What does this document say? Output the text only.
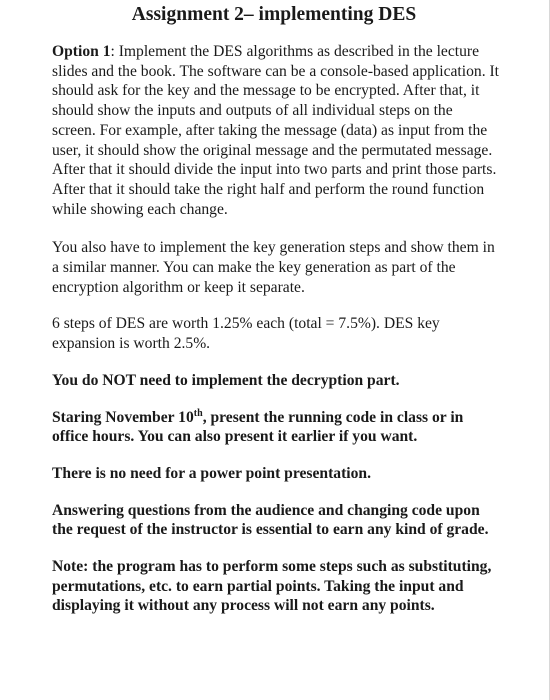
Assignment 2– implementing DES

Option 1: Implement the DES algorithms as described in the lecture slides and the book. The software can be a console-based application. It should ask for the key and the message to be encrypted. After that, it should show the inputs and outputs of all individual steps on the screen. For example, after taking the message (data) as input from the user, it should show the original message and the permutated message. After that it should divide the input into two parts and print those parts. After that it should take the right half and perform the round function while showing each change.

You also have to implement the key generation steps and show them in a similar manner. You can make the key generation as part of the encryption algorithm or keep it separate.

6 steps of DES are worth 1.25% each (total = 7.5%). DES key expansion is worth 2.5%.

You do NOT need to implement the decryption part.

Staring November 10th, present the running code in class or in office hours. You can also present it earlier if you want.

There is no need for a power point presentation.

Answering questions from the audience and changing code upon the request of the instructor is essential to earn any kind of grade.

Note: the program has to perform some steps such as substituting, permutations, etc. to earn partial points. Taking the input and displaying it without any process will not earn any points.
